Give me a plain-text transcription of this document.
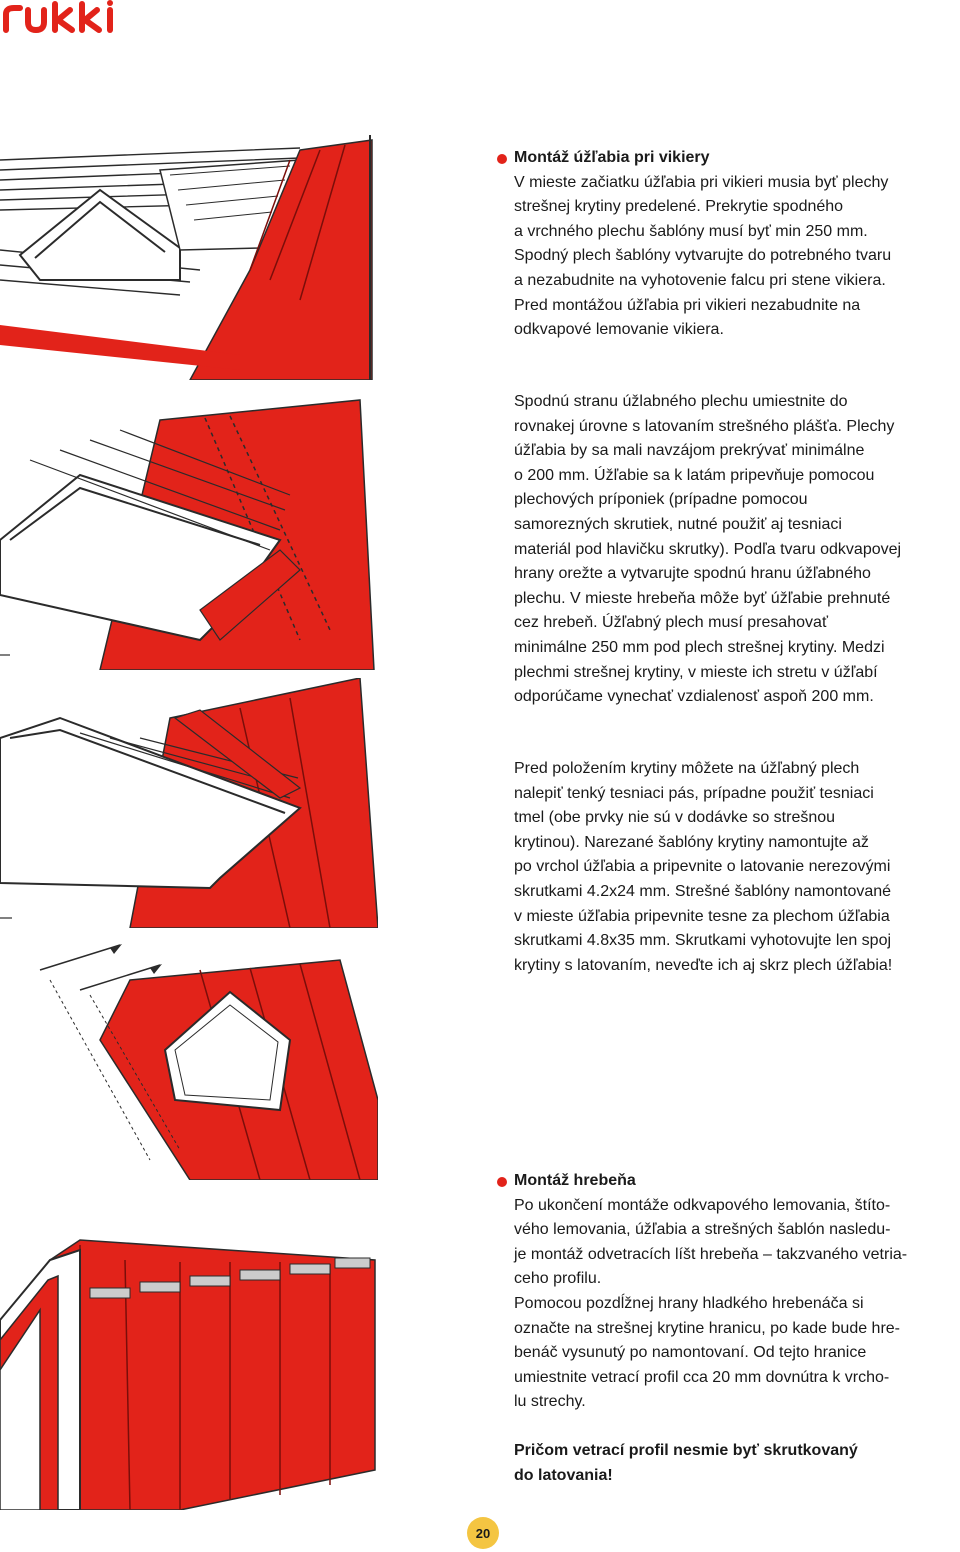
Montáž úžľabia pri vikiery

V mieste začiatku úžľabia pri vikieri musia byť plechy

strešnej krytiny predelené. Prekrytie spodného

a vrchného plechu šablóny musí byť min 250 mm.

Spodný plech šablóny vytvarujte do potrebného tvaru

a nezabudnite na vyhotovenie falcu pri stene vikiera.

Pred montážou úžľabia pri vikieri nezabudnite na

odkvapové lemovanie vikiera.

Spodnú stranu úžlabného plechu umiestnite do

rovnakej úrovne s latovaním strešného plášťa. Plechy

úžľabia by sa mali navzájom prekrývať minimálne

o 200 mm. Úžľabie sa k latám pripevňuje pomocou

plechových príponiek (prípadne pomocou

samorezných skrutiek, nutné použiť aj tesniaci

materiál pod hlavičku skrutky). Podľa tvaru odkvapovej

hrany orežte a vytvarujte spodnú hranu úžľabného

plechu. V mieste hrebeňa môže byť úžľabie prehnuté

cez hrebeň. Úžľabný plech musí presahovať

minimálne 250 mm pod plech strešnej krytiny. Medzi

plechmi strešnej krytiny, v mieste ich stretu v úžľabí

odporúčame vynechať vzdialenosť aspoň 200 mm.

Pred položením krytiny môžete na úžľabný plech

nalepiť tenký tesniaci pás, prípadne použiť tesniaci

tmel (obe prvky nie sú v dodávke so strešnou

krytinou). Narezané šablóny krytiny namontujte až

po vrchol úžľabia a pripevnite o latovanie nerezovými

skrutkami 4.2x24 mm. Strešné šablóny namontované

v mieste úžľabia pripevnite tesne za plechom úžľabia

skrutkami 4.8x35 mm. Skrutkami vyhotovujte len spoj

krytiny s latovaním, neveďte ich aj skrz plech úžľabia!

Montáž hrebeňa

Po ukončení montáže odkvapového lemovania, štíto-

vého lemovania, úžľabia a strešných šablón nasledu-

je montáž odvetracích líšt hrebeňa – takzvaného vetria-

ceho profilu.

Pomocou pozdĺžnej hrany hladkého hrebenáča si

označte na strešnej krytine hranicu, po kade bude hre-

benáč vysunutý po namontovaní. Od tejto hranice

umiestnite vetrací profil cca 20 mm dovnútra k vrcho-

lu strechy.

Pričom vetrací profil nesmie byť skrutkovaný

do latovania!

20
